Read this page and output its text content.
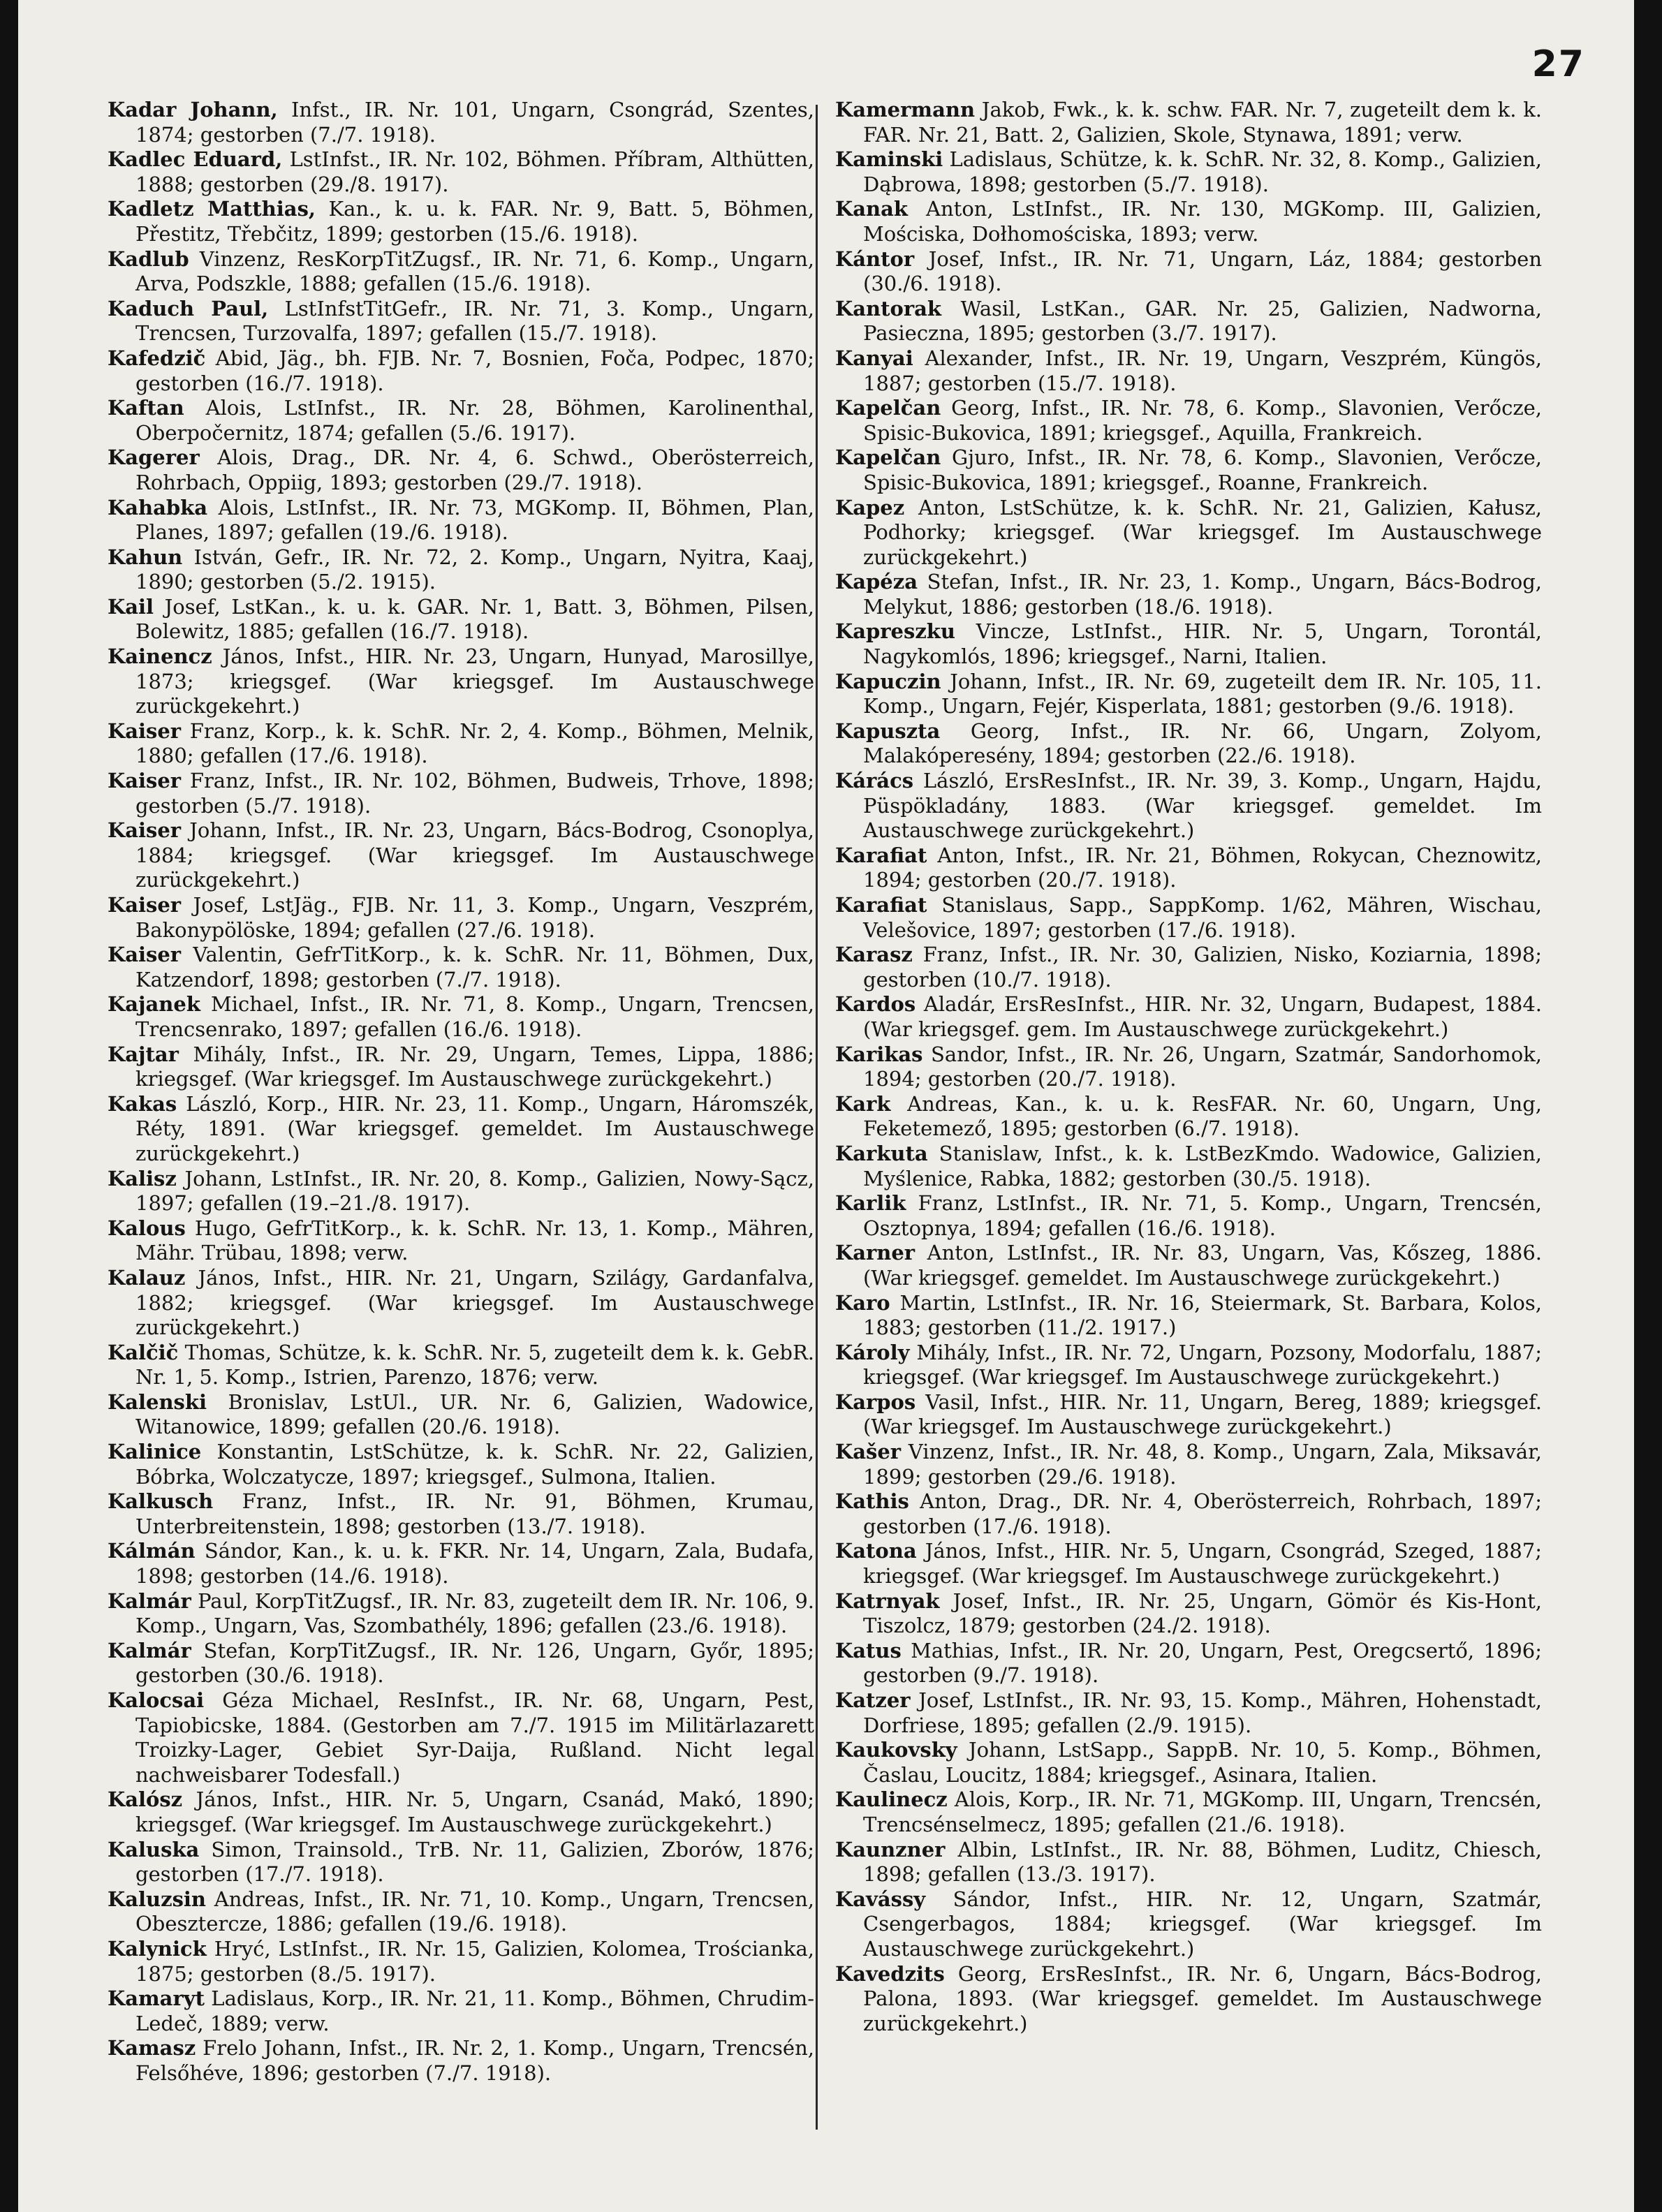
27

Kadar Johann, Infst., IR. Nr. 101, Ungarn, Csongrád, Szentes, 1874; gestorben (7./7. 1918).

Kadlec Eduard, LstInfst., IR. Nr. 102, Böhmen. Příbram, Althütten, 1888; gestorben (29./8. 1917).

Kadletz Matthias, Kan., k. u. k. FAR. Nr. 9, Batt. 5, Böhmen, Přestitz, Třebčitz, 1899; gestorben (15./6. 1918).

Kadlub Vinzenz, ResKorpTitZugsf., IR. Nr. 71, 6. Komp., Ungarn, Arva, Podszkle, 1888; gefallen (15./6. 1918).

Kaduch Paul, LstInfstTitGefr., IR. Nr. 71, 3. Komp., Ungarn, Trencsen, Turzovalfa, 1897; gefallen (15./7. 1918).

Kafedzič Abid, Jäg., bh. FJB. Nr. 7, Bosnien, Foča, Podpec, 1870; gestorben (16./7. 1918).

Kaftan Alois, LstInfst., IR. Nr. 28, Böhmen, Karolinenthal, Oberpočernitz, 1874; gefallen (5./6. 1917).

Kagerer Alois, Drag., DR. Nr. 4, 6. Schwd., Oberösterreich, Rohrbach, Oppiig, 1893; gestorben (29./7. 1918).

Kahabka Alois, LstInfst., IR. Nr. 73, MGKomp. II, Böhmen, Plan, Planes, 1897; gefallen (19./6. 1918).

Kahun István, Gefr., IR. Nr. 72, 2. Komp., Ungarn, Nyitra, Kaaj, 1890; gestorben (5./2. 1915).

Kail Josef, LstKan., k. u. k. GAR. Nr. 1, Batt. 3, Böhmen, Pilsen, Bolewitz, 1885; gefallen (16./7. 1918).

Kainencz János, Infst., HIR. Nr. 23, Ungarn, Hunyad, Marosillye, 1873; kriegsgef. (War kriegsgef. Im Austauschwege zurückgekehrt.)

Kaiser Franz, Korp., k. k. SchR. Nr. 2, 4. Komp., Böhmen, Melnik, 1880; gefallen (17./6. 1918).

Kaiser Franz, Infst., IR. Nr. 102, Böhmen, Budweis, Trhove, 1898; gestorben (5./7. 1918).

Kaiser Johann, Infst., IR. Nr. 23, Ungarn, Bács-Bodrog, Csonoplya, 1884; kriegsgef. (War kriegsgef. Im Austauschwege zurückgekehrt.)

Kaiser Josef, LstJäg., FJB. Nr. 11, 3. Komp., Ungarn, Veszprém, Bakonypölöske, 1894; gefallen (27./6. 1918).

Kaiser Valentin, GefrTitKorp., k. k. SchR. Nr. 11, Böhmen, Dux, Katzendorf, 1898; gestorben (7./7. 1918).

Kajanek Michael, Infst., IR. Nr. 71, 8. Komp., Ungarn, Trencsen, Trencsenrako, 1897; gefallen (16./6. 1918).

Kajtar Mihály, Infst., IR. Nr. 29, Ungarn, Temes, Lippa, 1886; kriegsgef. (War kriegsgef. Im Austauschwege zurückgekehrt.)

Kakas László, Korp., HIR. Nr. 23, 11. Komp., Ungarn, Háromszék, Réty, 1891. (War kriegsgef. gemeldet. Im Austauschwege zurückgekehrt.)

Kalisz Johann, LstInfst., IR. Nr. 20, 8. Komp., Galizien, Nowy-Sącz, 1897; gefallen (19.–21./8. 1917).

Kalous Hugo, GefrTitKorp., k. k. SchR. Nr. 13, 1. Komp., Mähren, Mähr. Trübau, 1898; verw.

Kalauz János, Infst., HIR. Nr. 21, Ungarn, Szilágy, Gardanfalva, 1882; kriegsgef. (War kriegsgef. Im Austauschwege zurückgekehrt.)

Kalčič Thomas, Schütze, k. k. SchR. Nr. 5, zugeteilt dem k. k. GebR. Nr. 1, 5. Komp., Istrien, Parenzo, 1876; verw.

Kalenski Bronislav, LstUl., UR. Nr. 6, Galizien, Wadowice, Witanowice, 1899; gefallen (20./6. 1918).

Kalinice Konstantin, LstSchütze, k. k. SchR. Nr. 22, Galizien, Bóbrka, Wolczatycze, 1897; kriegsgef., Sulmona, Italien.

Kalkusch Franz, Infst., IR. Nr. 91, Böhmen, Krumau, Unterbreitenstein, 1898; gestorben (13./7. 1918).

Kálmán Sándor, Kan., k. u. k. FKR. Nr. 14, Ungarn, Zala, Budafa, 1898; gestorben (14./6. 1918).

Kalmár Paul, KorpTitZugsf., IR. Nr. 83, zugeteilt dem IR. Nr. 106, 9. Komp., Ungarn, Vas, Szombathély, 1896; gefallen (23./6. 1918).

Kalmár Stefan, KorpTitZugsf., IR. Nr. 126, Ungarn, Győr, 1895; gestorben (30./6. 1918).

Kalocsai Géza Michael, ResInfst., IR. Nr. 68, Ungarn, Pest, Tapiobicske, 1884. (Gestorben am 7./7. 1915 im Militärlazarett Troizky-Lager, Gebiet Syr-Daija, Rußland. Nicht legal nachweisbarer Todesfall.)

Kalósz János, Infst., HIR. Nr. 5, Ungarn, Csanád, Makó, 1890; kriegsgef. (War kriegsgef. Im Austauschwege zurückgekehrt.)

Kaluska Simon, Trainsold., TrB. Nr. 11, Galizien, Zborów, 1876; gestorben (17./7. 1918).

Kaluzsin Andreas, Infst., IR. Nr. 71, 10. Komp., Ungarn, Trencsen, Obesztercze, 1886; gefallen (19./6. 1918).

Kalynick Hryć, LstInfst., IR. Nr. 15, Galizien, Kolomea, Trościanka, 1875; gestorben (8./5. 1917).

Kamaryt Ladislaus, Korp., IR. Nr. 21, 11. Komp., Böhmen, Chrudim-Ledeč, 1889; verw.

Kamasz Frelo Johann, Infst., IR. Nr. 2, 1. Komp., Ungarn, Trencsén, Felsőhéve, 1896; gestorben (7./7. 1918).

Kamermann Jakob, Fwk., k. k. schw. FAR. Nr. 7, zugeteilt dem k. k. FAR. Nr. 21, Batt. 2, Galizien, Skole, Stynawa, 1891; verw.

Kaminski Ladislaus, Schütze, k. k. SchR. Nr. 32, 8. Komp., Galizien, Dąbrowa, 1898; gestorben (5./7. 1918).

Kanak Anton, LstInfst., IR. Nr. 130, MGKomp. III, Galizien, Mościska, Dołhomościska, 1893; verw.

Kántor Josef, Infst., IR. Nr. 71, Ungarn, Láz, 1884; gestorben (30./6. 1918).

Kantorak Wasil, LstKan., GAR. Nr. 25, Galizien, Nadworna, Pasieczna, 1895; gestorben (3./7. 1917).

Kanyai Alexander, Infst., IR. Nr. 19, Ungarn, Veszprém, Küngös, 1887; gestorben (15./7. 1918).

Kapelčan Georg, Infst., IR. Nr. 78, 6. Komp., Slavonien, Verőcze, Spisic-Bukovica, 1891; kriegsgef., Aquilla, Frankreich.

Kapelčan Gjuro, Infst., IR. Nr. 78, 6. Komp., Slavonien, Verőcze, Spisic-Bukovica, 1891; kriegsgef., Roanne, Frankreich.

Kapez Anton, LstSchütze, k. k. SchR. Nr. 21, Galizien, Kałusz, Podhorky; kriegsgef. (War kriegsgef. Im Austauschwege zurückgekehrt.)

Kapéza Stefan, Infst., IR. Nr. 23, 1. Komp., Ungarn, Bács-Bodrog, Melykut, 1886; gestorben (18./6. 1918).

Kapreszku Vincze, LstInfst., HIR. Nr. 5, Ungarn, Torontál, Nagykomlós, 1896; kriegsgef., Narni, Italien.

Kapuczin Johann, Infst., IR. Nr. 69, zugeteilt dem IR. Nr. 105, 11. Komp., Ungarn, Fejér, Kisperlata, 1881; gestorben (9./6. 1918).

Kapuszta Georg, Infst., IR. Nr. 66, Ungarn, Zolyom, Malakóperesény, 1894; gestorben (22./6. 1918).

Kárács László, ErsResInfst., IR. Nr. 39, 3. Komp., Ungarn, Hajdu, Püspökladány, 1883. (War kriegsgef. gemeldet. Im Austauschwege zurückgekehrt.)

Karafiat Anton, Infst., IR. Nr. 21, Böhmen, Rokycan, Cheznowitz, 1894; gestorben (20./7. 1918).

Karafiat Stanislaus, Sapp., SappKomp. 1/62, Mähren, Wischau, Velešovice, 1897; gestorben (17./6. 1918).

Karasz Franz, Infst., IR. Nr. 30, Galizien, Nisko, Koziarnia, 1898; gestorben (10./7. 1918).

Kardos Aladár, ErsResInfst., HIR. Nr. 32, Ungarn, Budapest, 1884. (War kriegsgef. gem. Im Austauschwege zurückgekehrt.)

Karikas Sandor, Infst., IR. Nr. 26, Ungarn, Szatmár, Sandorhomok, 1894; gestorben (20./7. 1918).

Kark Andreas, Kan., k. u. k. ResFAR. Nr. 60, Ungarn, Ung, Feketemező, 1895; gestorben (6./7. 1918).

Karkuta Stanislaw, Infst., k. k. LstBezKmdo. Wadowice, Galizien, Myślenice, Rabka, 1882; gestorben (30./5. 1918).

Karlik Franz, LstInfst., IR. Nr. 71, 5. Komp., Ungarn, Trencsén, Osztopnya, 1894; gefallen (16./6. 1918).

Karner Anton, LstInfst., IR. Nr. 83, Ungarn, Vas, Kőszeg, 1886. (War kriegsgef. gemeldet. Im Austauschwege zurückgekehrt.)

Karo Martin, LstInfst., IR. Nr. 16, Steiermark, St. Barbara, Kolos, 1883; gestorben (11./2. 1917.)

Károly Mihály, Infst., IR. Nr. 72, Ungarn, Pozsony, Modorfalu, 1887; kriegsgef. (War kriegsgef. Im Austauschwege zurückgekehrt.)

Karpos Vasil, Infst., HIR. Nr. 11, Ungarn, Bereg, 1889; kriegsgef. (War kriegsgef. Im Austauschwege zurückgekehrt.)

Kašer Vinzenz, Infst., IR. Nr. 48, 8. Komp., Ungarn, Zala, Miksavár, 1899; gestorben (29./6. 1918).

Kathis Anton, Drag., DR. Nr. 4, Oberösterreich, Rohrbach, 1897; gestorben (17./6. 1918).

Katona János, Infst., HIR. Nr. 5, Ungarn, Csongrád, Szeged, 1887; kriegsgef. (War kriegsgef. Im Austauschwege zurückgekehrt.)

Katrnyak Josef, Infst., IR. Nr. 25, Ungarn, Gömör és Kis-Hont, Tiszolcz, 1879; gestorben (24./2. 1918).

Katus Mathias, Infst., IR. Nr. 20, Ungarn, Pest, Oregcsertő, 1896; gestorben (9./7. 1918).

Katzer Josef, LstInfst., IR. Nr. 93, 15. Komp., Mähren, Hohenstadt, Dorfriese, 1895; gefallen (2./9. 1915).

Kaukovsky Johann, LstSapp., SappB. Nr. 10, 5. Komp., Böhmen, Časlau, Loucitz, 1884; kriegsgef., Asinara, Italien.

Kaulinecz Alois, Korp., IR. Nr. 71, MGKomp. III, Ungarn, Trencsén, Trencsénselmecz, 1895; gefallen (21./6. 1918).

Kaunzner Albin, LstInfst., IR. Nr. 88, Böhmen, Luditz, Chiesch, 1898; gefallen (13./3. 1917).

Kavássy Sándor, Infst., HIR. Nr. 12, Ungarn, Szatmár, Csengerbagos, 1884; kriegsgef. (War kriegsgef. Im Austauschwege zurückgekehrt.)

Kavedzits Georg, ErsResInfst., IR. Nr. 6, Ungarn, Bács-Bodrog, Palona, 1893. (War kriegsgef. gemeldet. Im Austauschwege zurückgekehrt.)
